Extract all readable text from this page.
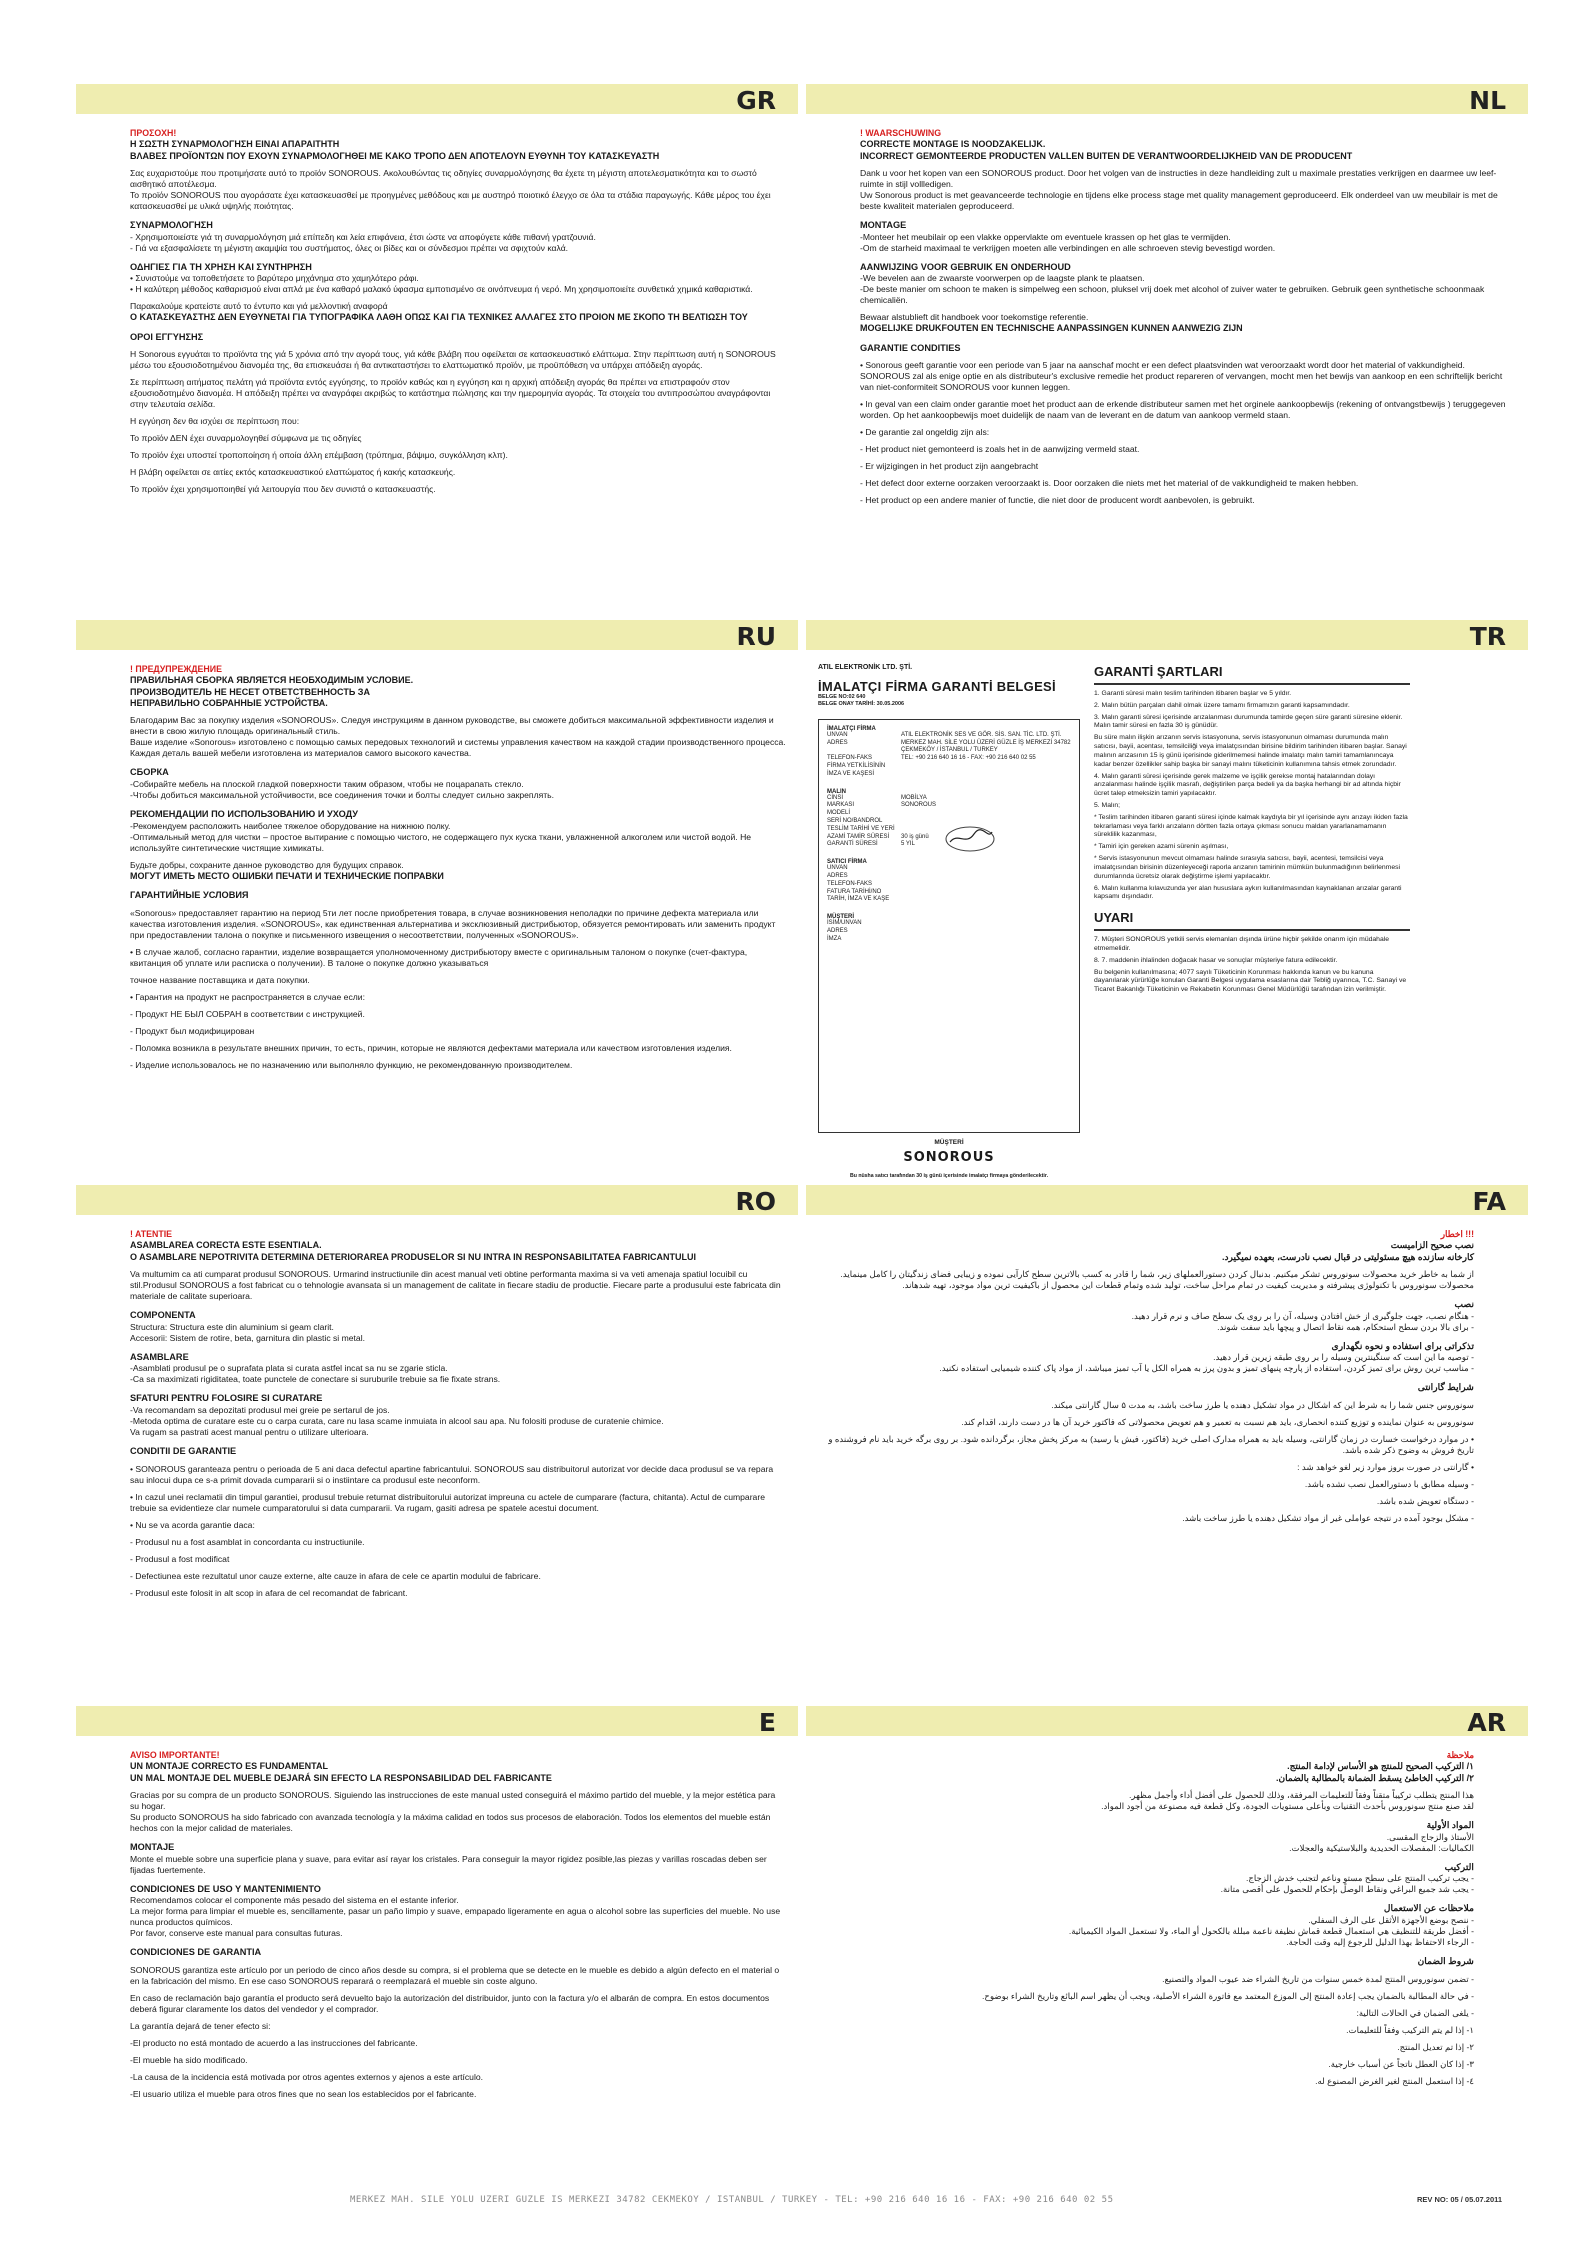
GR
ΠΡΟΣΟΧΗ!
Η ΣΩΣΤΗ ΣΥΝΑΡΜΟΛΟΓΗΣΗ ΕΙΝΑΙ ΑΠΑΡΑΙΤΗΤΗ
ΒΛΑΒΕΣ ΠΡΟΪΟΝΤΩΝ ΠΟΥ ΕΧΟΥΝ ΣΥΝΑΡΜΟΛΟΓΗΘΕΙ ΜΕ ΚΑΚΟ ΤΡΟΠΟ ΔΕΝ ΑΠΟΤΕΛΟΥΝ ΕΥΘΥΝΗ ΤΟΥ ΚΑΤΑΣΚΕΥΑΣΤΗ
Σας ευχαριστούμε που προτιμήσατε αυτό το προϊόν SONOROUS. Ακολουθώντας τις οδηγίες συναρμολόγησης θα έχετε τη μέγιστη αποτελεσματικότητα και το σωστό αισθητικό αποτέλεσμα.
Το προϊόν SONOROUS που αγοράσατε έχει κατασκευασθεί με προηγμένες μεθόδους και με αυστηρό ποιοτικό έλεγχο σε όλα τα στάδια παραγωγής. Κάθε μέρος του έχει κατασκευασθεί με υλικά υψηλής ποιότητας.
ΣΥΝΑΡΜΟΛΟΓΗΣΗ
- Χρησιμοποιείστε γιά τη συναρμολόγηση μιά επίπεδη και λεία επιφάνεια, έτσι ώστε να αποφύγετε κάθε πιθανή γρατζουνιά.
- Γιά να εξασφαλίσετε τη μέγιστη ακαμψία του συστήματος, όλες οι βίδες και οι σύνδεσμοι πρέπει να σφιχτούν καλά.
ΟΔΗΓΙΕΣ ΓΙΑ ΤΗ ΧΡΗΣΗ ΚΑΙ ΣΥΝΤΗΡΗΣΗ
• Συνιστούμε να τοποθετήσετε το βαρύτερο μηχάνημα στο χαμηλότερο ράφι.
• Η καλύτερη μέθοδος καθαρισμού είναι απλά με ένα καθαρό μαλακό ύφασμα εμποτισμένο σε οινόπνευμα ή νερό. Μη χρησιμοποιείτε συνθετικά χημικά καθαριστικά.
Παρακαλούμε κρατείστε αυτό το έντυπο και γιά μελλοντική αναφορά
Ο ΚΑΤΑΣΚΕΥΑΣΤΗΣ ΔΕΝ ΕΥΘΥΝΕΤΑΙ ΓΙΑ ΤΥΠΟΓΡΑΦΙΚΑ ΛΑΘΗ ΟΠΩΣ ΚΑΙ ΓΙΑ ΤΕΧΝΙΚΕΣ ΑΛΛΑΓΕΣ ΣΤΟ ΠΡΟΙΟΝ ΜΕ ΣΚΟΠΟ ΤΗ ΒΕΛΤΙΩΣΗ ΤΟΥ
ΟΡΟΙ ΕΓΓΥΗΣΗΣ
Η Sonorous εγγυάται το προϊόντα της γιά 5 χρόνια από την αγορά τους, γιά κάθε βλάβη που οφείλεται σε κατασκευαστικό ελάττωμα. Στην περίπτωση αυτή η SONOROUS μέσω του εξουσιοδοτημένου διανομέα της, θα επισκευάσει ή θα αντικαταστήσει το ελαττωματικό προϊόν, με προϋπόθεση να υπάρχει απόδειξη αγοράς.
Σε περίπτωση αιτήματος πελάτη γιά προϊόντα εντός εγγύησης, το προϊόν καθώς και η εγγύηση και η αρχική απόδειξη αγοράς θα πρέπει να επιστραφούν στον εξουσιοδοτημένο διανομέα. Η απόδειξη πρέπει να αναγράφει ακριβώς το κατάστημα πώλησης και την ημερομηνία αγοράς. Τα στοιχεία του αντιπροσώπου αναγράφονται στην τελευταία σελίδα.
Η εγγύηση δεν θα ισχύει σε περίπτωση που:
Το προϊόν ΔΕΝ έχει συναρμολογηθεί σύμφωνα με τις οδηγίες
Το προϊόν έχει υποστεί τροποποίηση ή οποία άλλη επέμβαση (τρύπημα, βάψιμο, συγκόλληση κλπ).
Η βλάβη οφείλεται σε αιτίες εκτός κατασκευαστικού ελαττώματος ή κακής κατασκευής.
Το προϊόν έχει χρησιμοποιηθεί γιά λειτουργία που δεν συνιστά ο κατασκευαστής.
NL
! WAARSCHUWING
CORRECTE MONTAGE IS NOODZAKELIJK.
INCORRECT GEMONTEERDE PRODUCTEN VALLEN BUITEN DE VERANTWOORDELIJKHEID VAN DE PRODUCENT
Dank u voor het kopen van een SONOROUS product. Door het volgen van de instructies in deze handleiding zult u maximale prestaties verkrijgen en daarmee uw leef-ruimte in stijl vollledigen.
Uw Sonorous product is met geavanceerde technologie en tijdens elke process stage met quality management geproduceerd. Elk onderdeel van uw meubilair is met de beste kwaliteit materialen geproduceerd.
MONTAGE
-Monteer het meubilair op een vlakke oppervlakte om eventuele krassen op het glas te vermijden.
-Om de starheid maximaal te verkrijgen moeten alle verbindingen en alle schroeven stevig bevestigd worden.
AANWIJZING VOOR GEBRUIK EN ONDERHOUD
-We bevelen aan de zwaarste voorwerpen op de laagste plank te plaatsen.
-De beste manier om schoon te maken is simpelweg een schoon, pluksel vrij doek met alcohol of zuiver water te gebruiken. Gebruik geen synthetische schoonmaak chemicaliën.
Bewaar alstublieft dit handboek voor toekomstige referentie.
MOGELIJKE DRUKFOUTEN EN TECHNISCHE AANPASSINGEN KUNNEN AANWEZIG ZIJN
GARANTIE CONDITIES
• Sonorous geeft garantie voor een periode van 5 jaar na aanschaf mocht er een defect plaatsvinden wat veroorzaakt wordt door het material of vakkundigheid. SONOROUS zal als enige optie en als distributeur's exclusive remedie het product repareren of vervangen, mocht men het bewijs van aankoop en een schriftelijk bericht van niet-conformiteit SONOROUS voor kunnen leggen.
• In geval van een claim onder garantie moet het product aan de erkende distributeur samen met het orginele aankoopbewijs (rekening of ontvangstbewijs ) teruggegeven worden. Op het aankoopbewijs moet duidelijk de naam van de leverant en de datum van aankoop vermeld staan.
• De garantie zal ongeldig zijn als:
- Het product niet gemonteerd is zoals het in de aanwijzing vermeld staat.
- Er wijzigingen in het product zijn aangebracht
- Het defect door externe oorzaken veroorzaakt is. Door oorzaken die niets met het material of de vakkundigheid te maken hebben.
- Het product op een andere manier of functie, die niet door de producent wordt aanbevolen, is gebruikt.
RU
! ПРЕДУПРЕЖДЕНИЕ
ПРАВИЛЬНАЯ СБОРКА ЯВЛЯЕТСЯ НЕОБХОДИМЫМ УСЛОВИЕ.
ПРОИЗВОДИТЕЛЬ НЕ НЕСЕТ ОТВЕТСТВЕННОСТЬ ЗА
НЕПРАВИЛЬНО СОБРАННЫЕ УСТРОЙСТВА.
Благодарим Вас за покупку изделия «SONOROUS». Следуя инструкциям в данном руководстве, вы сможете добиться максимальной эффективности изделия и внести в свою жилую площадь оригинальный стиль.
Ваше изделие «Sonorous» изготовлено с помощью самых передовых технологий и системы управления качеством на каждой стадии производственного процесса. Каждая деталь вашей мебели изготовлена из материалов самого высокого качества.
СБОРКА
-Собирайте мебель на плоской гладкой поверхности таким образом, чтобы не поцарапать стекло.
-Чтобы добиться максимальной устойчивости, все соединения точки и болты следует сильно закреплять.
РЕКОМЕНДАЦИИ ПО ИСПОЛЬЗОВАНИЮ И УХОДУ
-Рекомендуем расположить наиболее тяжелое оборудование на нижнюю полку.
-Оптимальный метод для чистки – простое вытирание с помощью чистого, не содержащего пух куска ткани, увлажненной алкоголем или чистой водой. Не используйте синтетические чистящие химикаты.
Будьте добры, сохраните данное руководство для будущих справок.
МОГУТ ИМЕТЬ МЕСТО ОШИБКИ ПЕЧАТИ И ТЕХНИЧЕСКИЕ ПОПРАВКИ
ГАРАНТИЙНЫЕ УСЛОВИЯ
«Sonorous» предоставляет гарантию на период 5ти лет после приобретения товара, в случае возникновения неполадки по причине дефекта материала или качества изготовления изделия. «SONOROUS», как единственная альтернатива и эксклюзивный дистрибьютор, обязуется ремонтировать или заменить продукт при предоставлении талона о покупке и письменного извещения о несоответствии, полученных «SONOROUS».
• В случае жалоб, согласно гарантии, изделие возвращается уполномоченному дистрибьютору вместе с оригинальным талоном о покупке (счет-фактура, квитанция об уплате или расписка о получении). В талоне о покупке должно указываться
точное название поставщика и дата покупки.
• Гарантия на продукт не распространяется в случае если:
- Продукт НЕ БЫЛ СОБРАН в соответствии с инструкцией.
- Продукт был модифицирован
- Поломка возникла в результате внешних причин, то есть, причин, которые не являются дефектами материала или качеством изготовления изделия.
- Изделие использовалось не по назначению или выполняло функцию, не рекомендованную производителем.
TR
ATIL ELEKTRONİK LTD. ŞTİ.
İMALATÇI FİRMA GARANTİ BELGESİ
BELGE NO:02 640
BELGE ONAY TARİHİ: 30.05.2006
İMALATÇI FİRMA
UNVAN	ATIL ELEKTRONİK SES VE GÖR. SİS. SAN. TİC. LTD. ŞTİ.
ADRES	MERKEZ MAH. SİLE YOLU ÜZERİ GÜZLE İŞ MERKEZİ 34782 ÇEKMEKÖY / İSTANBUL / TURKEY
TELEFON-FAKS	TEL: +90 216 640 16 16 - FAX: +90 216 640 02 55
FİRMA YETKİLİSİNİN
İMZA VE KAŞESİ
MALIN
CİNSİ	MOBİLYA
MARKASI	SONOROUS
MODELİ
SERİ NO/BANDROL
TESLİM TARİHİ VE YERİ
AZAMİ TAMİR SÜRESİ	30 iş günü
GARANTİ SÜRESİ	5 YIL
SATICI FİRMA
UNVAN
ADRES
TELEFON-FAKS
FATURA TARİHİ/NO
TARİH, İMZA VE KAŞE
MÜŞTERİ
İSİM/UNVAN
ADRES
İMZA
MÜŞTERİ
SONOROUS
Bu nüsha satıcı tarafından 30 iş günü içerisinde imalatçı firmaya gönderilecektir.
GARANTİ ŞARTLARI
1. Garanti süresi malın teslim tarihinden itibaren başlar ve 5 yıldır.
2. Malın bütün parçaları dahil olmak üzere tamamı firmamızın garanti kapsamındadır.
3. Malın garanti süresi içerisinde arızalanması durumunda tamirde geçen süre garanti süresine eklenir. Malın tamir süresi en fazla 30 iş günüdür.
Bu süre malın ilişkin arızanın servis istasyonuna, servis istasyonunun olmaması durumunda malın satıcısı, bayii, acentası, temsilciliği veya imalatçısından birisine bildirim tarihinden itibaren başlar. Sanayi malının arızasının 15 iş günü içerisinde giderilmemesi halinde imalatçı malın tamiri tamamlanıncaya kadar benzer özellikler sahip başka bir sanayi malını tüketicinin kullanımına tahsis etmek zorundadır.
4. Malın garanti süresi içerisinde gerek malzeme ve işçilik gerekse montaj hatalarından dolayı arızalanması halinde işçilik masrafı, değiştirilen parça bedeli ya da başka herhangi bir ad altında hiçbir ücret talep etmeksizin tamiri yapılacaktır.
5. Malın;
* Teslim tarihinden itibaren garanti süresi içinde kalmak kaydıyla bir yıl içerisinde aynı arızayı ikiden fazla tekrarlaması veya farklı arızaların dörtten fazla ortaya çıkması sonucu maldan yararlanamamanın süreklilik kazanması,
* Tamiri için gereken azami sürenin aşılması,
* Servis istasyonunun mevcut olmaması halinde sırasıyla satıcısı, bayii, acentesi, temsilcisi veya imalatçısından birisinin düzenleyeceği raporla arızanın tamirinin mümkün bulunmadığının belirlenmesi durumlarında ücretsiz olarak değiştirme işlemi yapılacaktır.
6. Malın kullanma kılavuzunda yer alan hususlara aykırı kullanılmasından kaynaklanan arızalar garanti kapsamı dışındadır.
UYARI
7. Müşteri SONOROUS yetkili servis elemanları dışında ürüne hiçbir şekilde onarım için müdahale etmemelidir.
8. 7. maddenin ihlalinden doğacak hasar ve sonuçlar müşteriye fatura edilecektir.
Bu belgenin kullanılmasına; 4077 sayılı Tüketicinin Korunması hakkında kanun ve bu kanuna dayanılarak yürürlüğe konulan Garanti Belgesi uygulama esaslarına dair Tebliğ uyarınca, T.C. Sanayi ve Ticaret Bakanlığı Tüketicinin ve Rekabetin Korunması Genel Müdürlüğü tarafından izin verilmiştir.
RO
! ATENTIE
ASAMBLAREA CORECTA ESTE ESENTIALA.
O ASAMBLARE NEPOTRIVITA DETERMINA DETERIORAREA PRODUSELOR SI NU INTRA IN RESPONSABILITATEA FABRICANTULUI
Va multumim ca ati cumparat produsul SONOROUS. Urmarind instructiunile din acest manual veti obtine performanta maxima si va veti amenaja spatiul locuibil cu stil.Produsul SONOROUS a fost fabricat cu o tehnologie avansata si un management de calitate in fiecare stadiu de productie. Fiecare parte a produsului este fabricata din materiale de calitate superioara.
COMPONENTA
Structura: Structura este din aluminium si geam clarit.
Accesorii: Sistem de rotire, beta, garnitura din plastic si metal.
ASAMBLARE
-Asamblati produsul pe o suprafata plata si curata astfel incat sa nu se zgarie sticla.
-Ca sa maximizati rigiditatea, toate punctele de conectare si suruburile trebuie sa fie fixate strans.
SFATURI PENTRU FOLOSIRE SI CURATARE
-Va recomandam sa depozitati produsul mei greie pe sertarul de jos.
-Metoda optima de curatare este cu o carpa curata, care nu lasa scame inmuiata in alcool sau apa. Nu folositi produse de curatenie chimice.
Va rugam sa pastrati acest manual pentru o utilizare ulterioara.
CONDITII DE GARANTIE
• SONOROUS garanteaza pentru o perioada de 5 ani daca defectul apartine fabricantului. SONOROUS sau distribuitorul autorizat vor decide daca produsul se va repara sau inlocui dupa ce s-a primit dovada cumpararii si o instiintare ca produsul este neconform.
• In cazul unei reclamatii din timpul garantiei, produsul trebuie returnat distribuitorului autorizat impreuna cu actele de cumparare (factura, chitanta). Actul de cumparare trebuie sa evidentieze clar numele cumparatorului si data cumpararii. Va rugam, gasiti adresa pe spatele acestui document.
• Nu se va acorda garantie daca:
- Produsul nu a fost asamblat in concordanta cu instructiunile.
- Produsul a fost modificat
- Defectiunea este rezultatul unor cauze externe, alte cauze in afara de cele ce apartin modului de fabricare.
- Produsul este folosit in alt scop in afara de cel recomandat de fabricant.
FA
!!! اخطار
نصب صحیح الزامیست
کارخانه سازنده هیچ مسئولیتی در قبال نصب نادرست، بعهده نمیگیرد.
از شما به خاطر خرید محصولات سونوروس تشکر میکنیم. بدنبال کردن دستورالعملهای زیر، شما را قادر به کسب بالاترین سطح کارآیی نموده و زیبایی فضای زندگیتان را کامل مینماید.
محصولات سونوروس با تکنولوژی پیشرفته و مدیریت کیفیت در تمام مراحل ساخت، تولید شده وتمام قطعات این محصول از باکیفیت ترین مواد موجود، تهیه شدهاند.
نصب
- هنگام نصب، جهت جلوگیری از خش افتادن وسیله، آن را بر روی یک سطح صاف و نرم قرار دهید.
- برای بالا بردن سطح استحکام، همه نقاط اتصال و پیچها باید سفت شوند.
تذکراتی برای استفاده و نحوه نگهداری
- توصیه ما این است که سنگینترین وسیله را بر روی طبقه زیرین قرار دهید.
- مناسب ترین روش برای تمیز کردن، استفاده از پارچه پنبهای تمیز و بدون پرز به همراه الکل یا آب تمیز میباشد، از مواد پاک کننده شیمیایی استفاده نکنید.
شرایط گارانتی
سونوروس جنس شما را به شرط این که اشکال در مواد تشکیل دهنده یا طرز ساخت باشد، به مدت ۵ سال گارانتی میکند.
سونوروس به عنوان نماینده و توزیع کننده انحصاری، باید هم نسبت به تعمیر و هم تعویض محصولاتی که فاکتور خرید آن ها در دست دارند، اقدام کند.
• در موارد درخواست خسارت در زمان گارانتی، وسیله باید به همراه مدارک اصلی خرید (فاکتور، فیش یا رسید) به مرکز پخش مجاز، برگردانده شود. بر روی برگه خرید باید نام فروشنده و تاریخ فروش به وضوح ذکر شده باشد.
• گارانتی در صورت بروز موارد زیر لغو خواهد شد :
- وسیله مطابق با دستورالعمل نصب نشده باشد.
- دستگاه تعویض شده باشد.
- مشکل بوجود آمده در نتیجه عواملی غیر از مواد تشکیل دهنده یا طرز ساخت باشد.
E
AVISO IMPORTANTE!
UN MONTAJE CORRECTO ES FUNDAMENTAL
UN MAL MONTAJE DEL MUEBLE DEJARÁ SIN EFECTO LA RESPONSABILIDAD DEL FABRICANTE
Gracias por su compra de un producto SONOROUS. Siguiendo las instrucciones de este manual usted conseguirá el máximo partido del mueble, y la mejor estética para su hogar.
Su producto SONOROUS ha sido fabricado con avanzada tecnología y la máxima calidad en todos sus procesos de elaboración. Todos los elementos del mueble están hechos con la mejor calidad de materiales.
MONTAJE
Monte el mueble sobre una superficie plana y suave, para evitar así rayar los cristales. Para conseguir la mayor rigidez posible,las piezas y varillas roscadas deben ser fijadas fuertemente.
CONDICIONES DE USO Y MANTENIMIENTO
Recomendamos colocar el componente más pesado del sistema en el estante inferior.
La mejor forma para limpiar el mueble es, sencillamente, pasar un paño limpio y suave, empapado ligeramente en agua o alcohol sobre las superficies del mueble. No use nunca productos químicos.
Por favor, conserve este manual para consultas futuras.
CONDICIONES DE GARANTIA
SONOROUS garantiza este artículo por un periodo de cinco años desde su compra, si el problema que se detecte en le mueble es debido a algún defecto en el material o en la fabricación del mismo. En ese caso SONOROUS reparará o reemplazará el mueble sin coste alguno.
En caso de reclamación bajo garantía el producto será devuelto bajo la autorización del distribuidor, junto con la factura y/o el albarán de compra. En estos documentos deberá figurar claramente los datos del vendedor y el comprador.
La garantía dejará de tener efecto si:
-El producto no está montado de acuerdo a las instrucciones del fabricante.
-El mueble ha sido modificado.
-La causa de la incidencia está motivada por otros agentes externos y ajenos a este artículo.
-El usuario utiliza el mueble para otros fines que no sean los establecidos por el fabricante.
AR
ملاحظة
١/ التركيب الصحيح للمنتج هو الأساس لإدامة المنتج.
٢/ التركيب الخاطئ يسقط الضمانة بالمطالبة بالضمان.
هذا المنتج يتطلب تركيباً متقناً وفقاً للتعليمات المرفقة، وذلك للحصول على أفضل أداء وأجمل مظهر.
لقد صنع منتج سونوروس بأحدث التقنيات وبأعلى مستويات الجودة، وكل قطعة فيه مصنوعة من أجود المواد.
المواد الأولية
الأستاذ والزجاج المقسى.
الكماليات: المفصلات الحديدية والبلاستيكية والعجلات.
التركيب
- يجب تركيب المنتج على سطح مستوٍ وناعم لتجنب خدش الزجاج.
- يجب شد جميع البراغي ونقاط الوصل بإحكام للحصول على أقصى متانة.
ملاحظات عن الاستعمال
- ننصح بوضع الأجهزة الأثقل على الرف السفلي.
- أفضل طريقة للتنظيف هي استعمال قطعة قماش نظيفة ناعمة مبللة بالكحول أو الماء، ولا تستعمل المواد الكيميائية.
- الرجاء الاحتفاظ بهذا الدليل للرجوع إليه وقت الحاجة.
شروط الضمان
- تضمن سونوروس المنتج لمدة خمس سنوات من تاريخ الشراء ضد عيوب المواد والتصنيع.
- في حالة المطالبة بالضمان يجب إعادة المنتج إلى الموزع المعتمد مع فاتورة الشراء الأصلية، ويجب أن يظهر اسم البائع وتاريخ الشراء بوضوح.
- يلغى الضمان في الحالات التالية:
١- إذا لم يتم التركيب وفقاً للتعليمات.
٢- إذا تم تعديل المنتج.
٣- إذا كان العطل ناتجاً عن أسباب خارجية.
٤- إذا استعمل المنتج لغير الغرض المصنوع له.
MERKEZ MAH. SILE YOLU UZERI GUZLE IS MERKEZI 34782 CEKMEKOY / ISTANBUL / TURKEY - TEL: +90 216 640 16 16 - FAX: +90 216 640 02 55	REV NO: 05 / 05.07.2011
